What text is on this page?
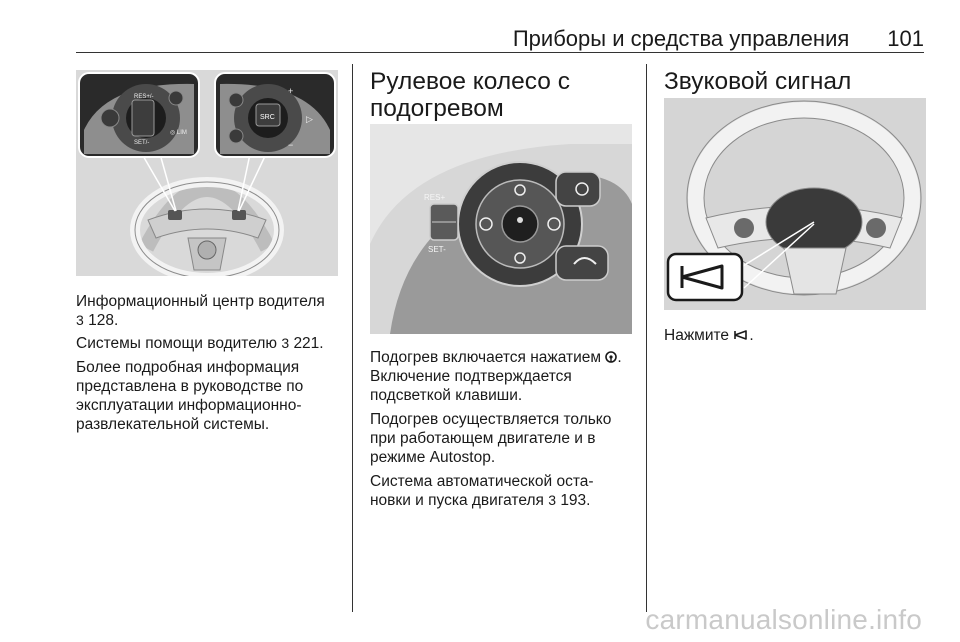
Приборы и средства управления 101
RES+/-
SET/-
◎ LIM
SRC
+
−
▷

Информационный центр водителя
3 128.

Системы помощи водителю 3 221.

Более подробная информация
представлена в руководстве по
эксплуатации информационно-
развлекательной системы.

Рулевое колесо с
подогревом
RES+
SET-

Подогрев включается нажатием .
Включение подтверждается
подсветкой клавиши.

Подогрев осуществляется только
при работающем двигателе и в
режиме Autostop.

Система автоматической оста-
новки и пуска двигателя 3 193.

Звуковой сигнал

Нажмите .

carmanualsonline.info
